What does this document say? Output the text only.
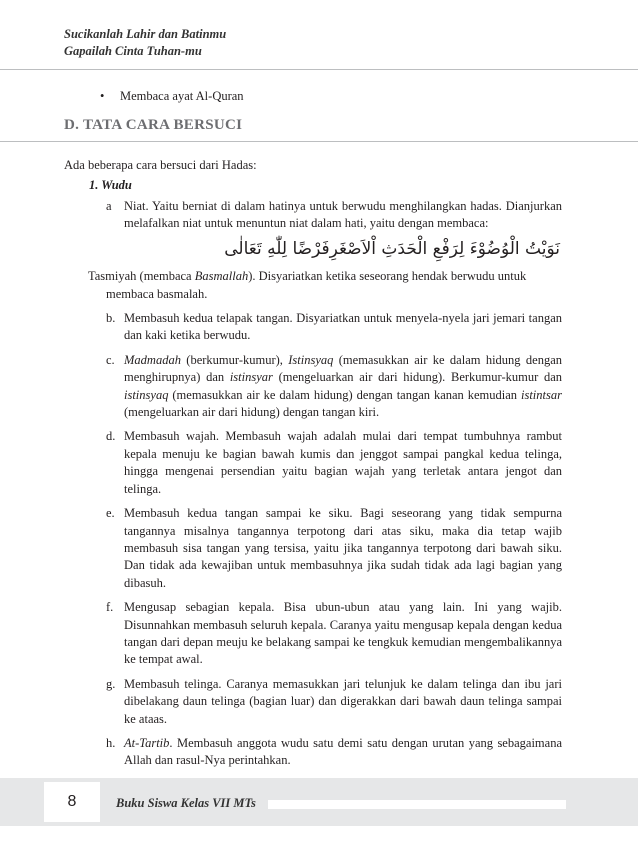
Sucikanlah Lahir dan Batinmu
Gapailah Cinta Tuhan-mu
• Membaca ayat Al-Quran
D. TATA CARA BERSUCI
Ada beberapa cara bersuci dari Hadas:
1. Wudu
a Niat. Yaitu berniat di dalam hatinya untuk berwudu menghilangkan hadas. Dianjurkan melafalkan niat untuk menuntun niat dalam hati, yaitu dengan membaca:
نَوَيْتُ الْوُضُوْءَ لِرَفْعِ الْحَدَثِ اْلاَصْغَرِفَرْضًا لِلّٰهِ تَعَالٰى
Tasmiyah (membaca Basmallah). Disyariatkan ketika seseorang hendak berwudu untuk
membaca basmalah.
b. Membasuh kedua telapak tangan. Disyariatkan untuk menyela-nyela jari jemari tangan dan kaki ketika berwudu.
c. Madmadah (berkumur-kumur), Istinsyaq (memasukkan air ke dalam hidung dengan menghirupnya) dan istinsyar (mengeluarkan air dari hidung). Berkumur-kumur dan istinsyaq (memasukkan air ke dalam hidung) dengan tangan kanan kemudian istintsar (mengeluarkan air dari hidung) dengan tangan kiri.
d. Membasuh wajah. Membasuh wajah adalah mulai dari tempat tumbuhnya rambut kepala menuju ke bagian bawah kumis dan jenggot sampai pangkal kedua telinga, hingga mengenai persendian yaitu bagian wajah yang terletak antara jengot dan telinga.
e. Membasuh kedua tangan sampai ke siku. Bagi seseorang yang tidak sempurna tangannya misalnya tangannya terpotong dari atas siku, maka dia tetap wajib membasuh sisa tangan yang tersisa, yaitu jika tangannya terpotong dari bawah siku. Dan tidak ada kewajiban untuk membasuhnya jika sudah tidak ada lagi bagian yang dibasuh.
f. Mengusap sebagian kepala. Bisa ubun-ubun atau yang lain. Ini yang wajib. Disunnahkan membasuh seluruh kepala. Caranya yaitu mengusap kepala dengan kedua tangan dari depan meuju ke belakang sampai ke tengkuk kemudian mengembalikannya ke tempat awal.
g. Membasuh telinga. Caranya memasukkan jari telunjuk ke dalam telinga dan ibu jari dibelakang daun telinga (bagian luar) dan digerakkan dari bawah daun telinga sampai ke ataas.
h. At-Tartib. Membasuh anggota wudu satu demi satu dengan urutan yang sebagaimana Allah dan rasul-Nya perintahkan.
8	Buku Siswa Kelas VII MTs
